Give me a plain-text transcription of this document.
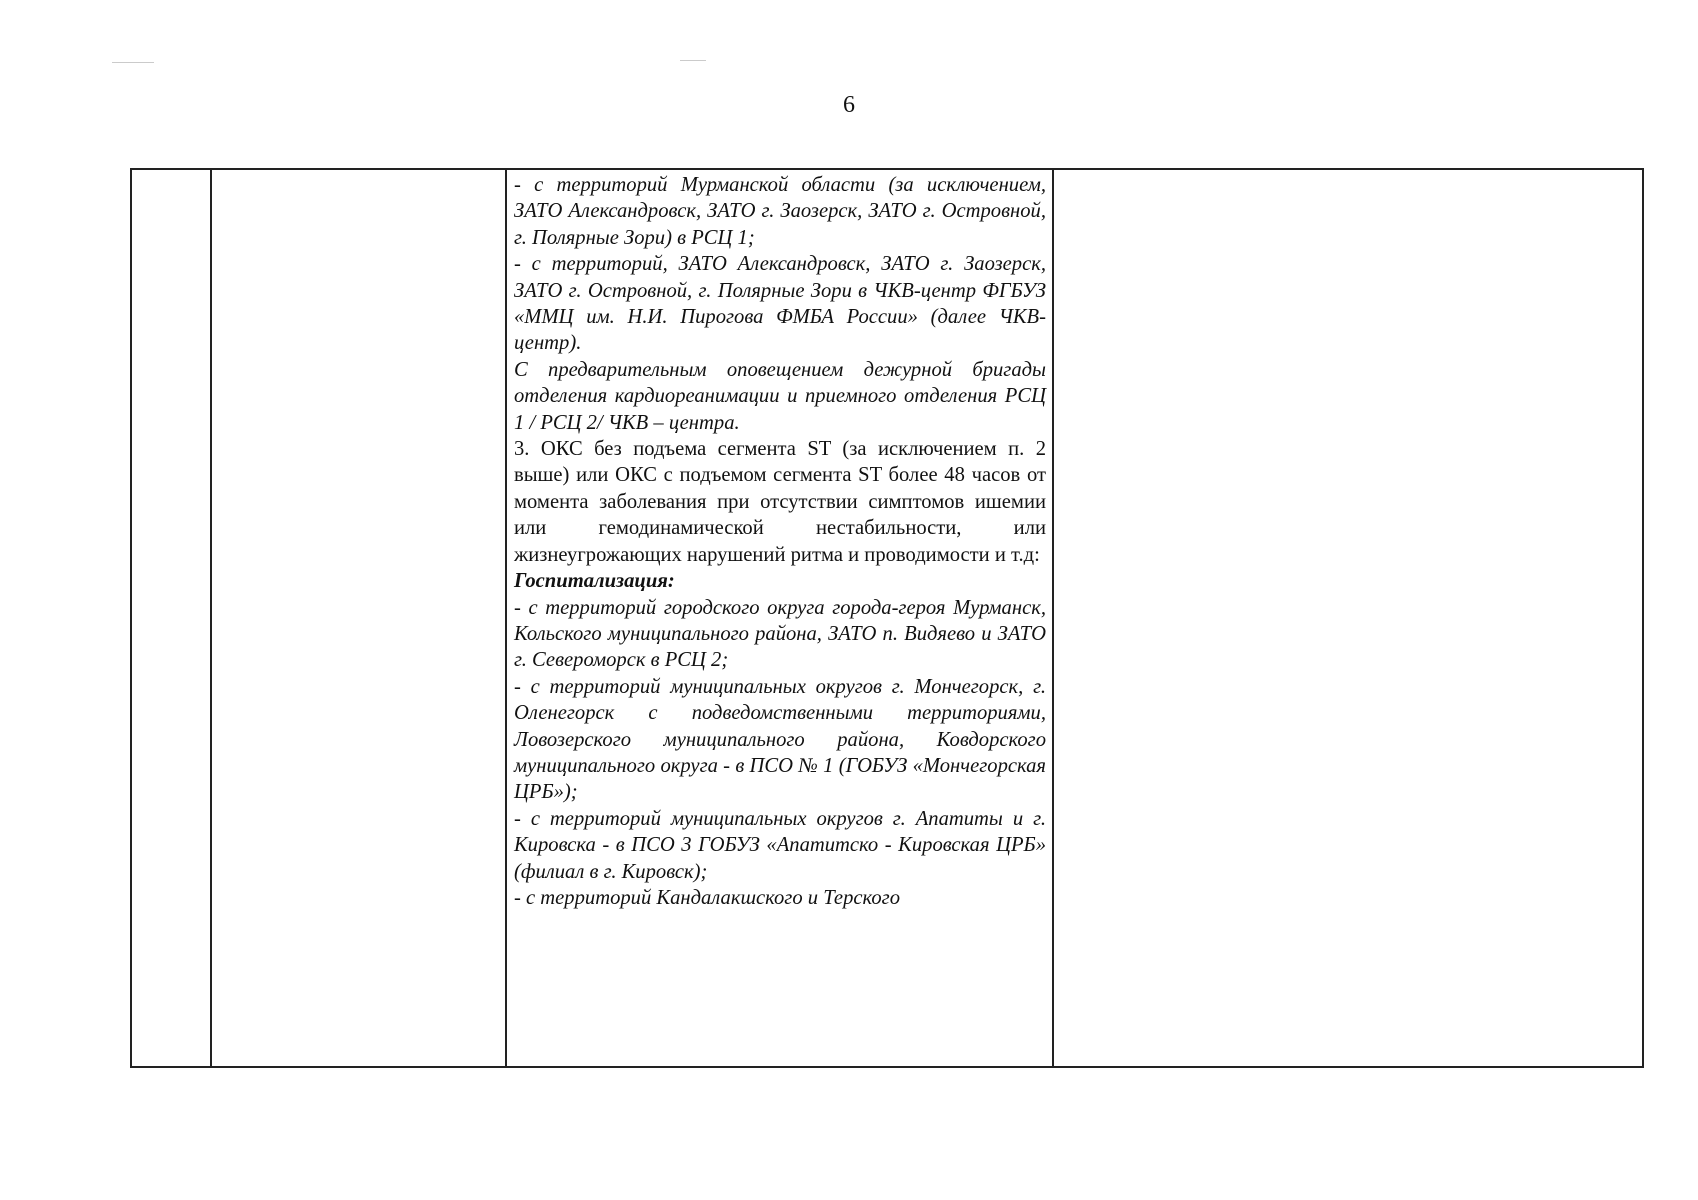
6

- с территорий Мурманской области (за исключением, ЗАТО Александровск, ЗАТО г. Заозерск, ЗАТО г. Островной, г. Полярные Зори) в РСЦ 1;

- с территорий, ЗАТО Александровск, ЗАТО г. Заозерск, ЗАТО г. Островной, г. Полярные Зори в ЧКВ-центр ФГБУЗ «ММЦ им. Н.И. Пирогова ФМБА России» (далее ЧКВ-центр).

С предварительным оповещением дежурной бригады отделения кардиореанимации и приемного отделения РСЦ 1 / РСЦ 2/ ЧКВ – центра.

3. ОКС без подъема сегмента ST (за исключением п. 2 выше) или ОКС с подъемом сегмента ST более 48 часов от момента заболевания при отсутствии симптомов ишемии или гемодинамической нестабильности, или жизнеугрожающих нарушений ритма и проводимости и т.д:

Госпитализация:

- с территорий городского округа города-героя Мурманск, Кольского муниципального района, ЗАТО п. Видяево и ЗАТО г. Североморск в РСЦ 2;

- с территорий муниципальных округов г. Мончегорск, г. Оленегорск с подведомственными территориями, Ловозерского муниципального района, Ковдорского муниципального округа - в ПСО № 1 (ГОБУЗ «Мончегорская ЦРБ»);

- с территорий муниципальных округов г. Апатиты и г. Кировска - в ПСО 3 ГОБУЗ «Апатитско - Кировская ЦРБ» (филиал в г. Кировск);

- с территорий Кандалакшского и Терского
